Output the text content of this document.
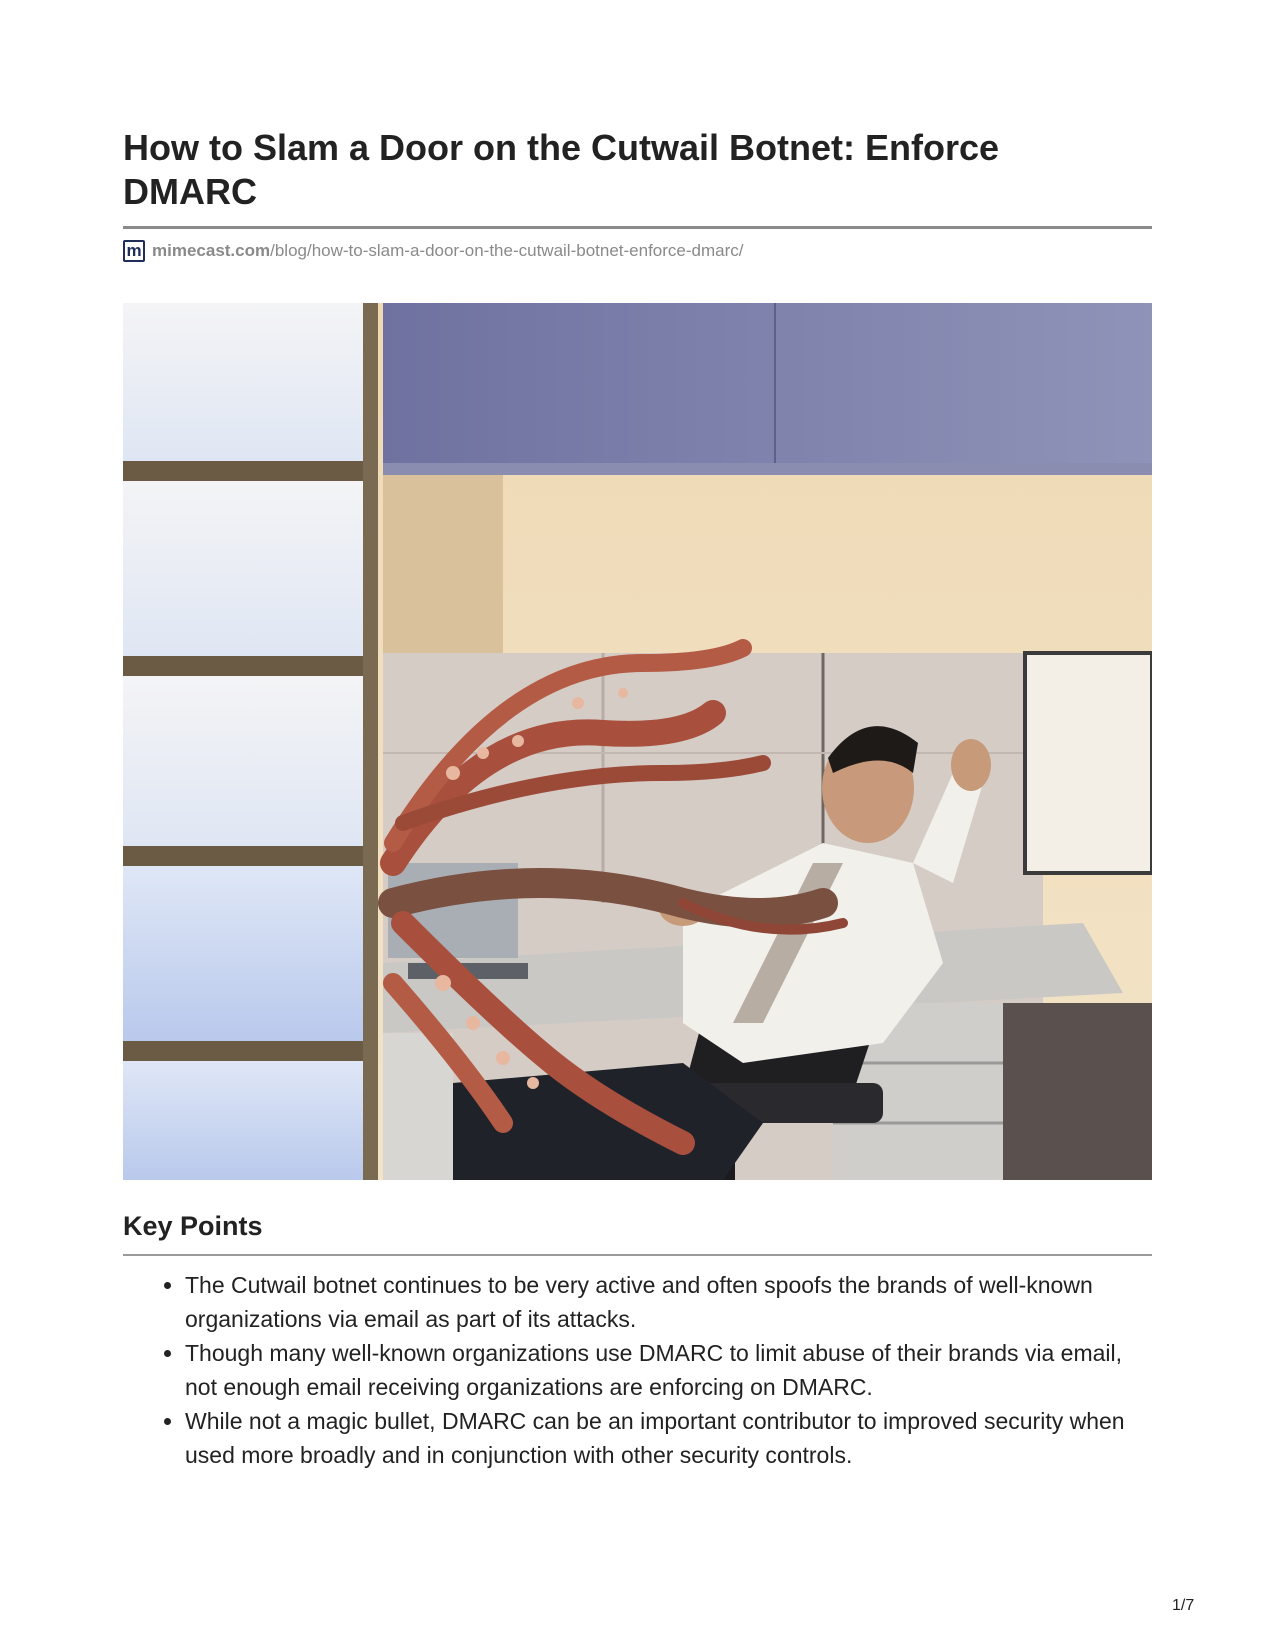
How to Slam a Door on the Cutwail Botnet: Enforce DMARC
m mimecast.com /blog/how-to-slam-a-door-on-the-cutwail-botnet-enforce-dmarc/
Key Points
• The Cutwail botnet continues to be very active and often spoofs the brands of well-known organizations via email as part of its attacks.
• Though many well-known organizations use DMARC to limit abuse of their brands via email, not enough email receiving organizations are enforcing on DMARC.
• While not a magic bullet, DMARC can be an important contributor to improved security when used more broadly and in conjunction with other security controls.
1/7
